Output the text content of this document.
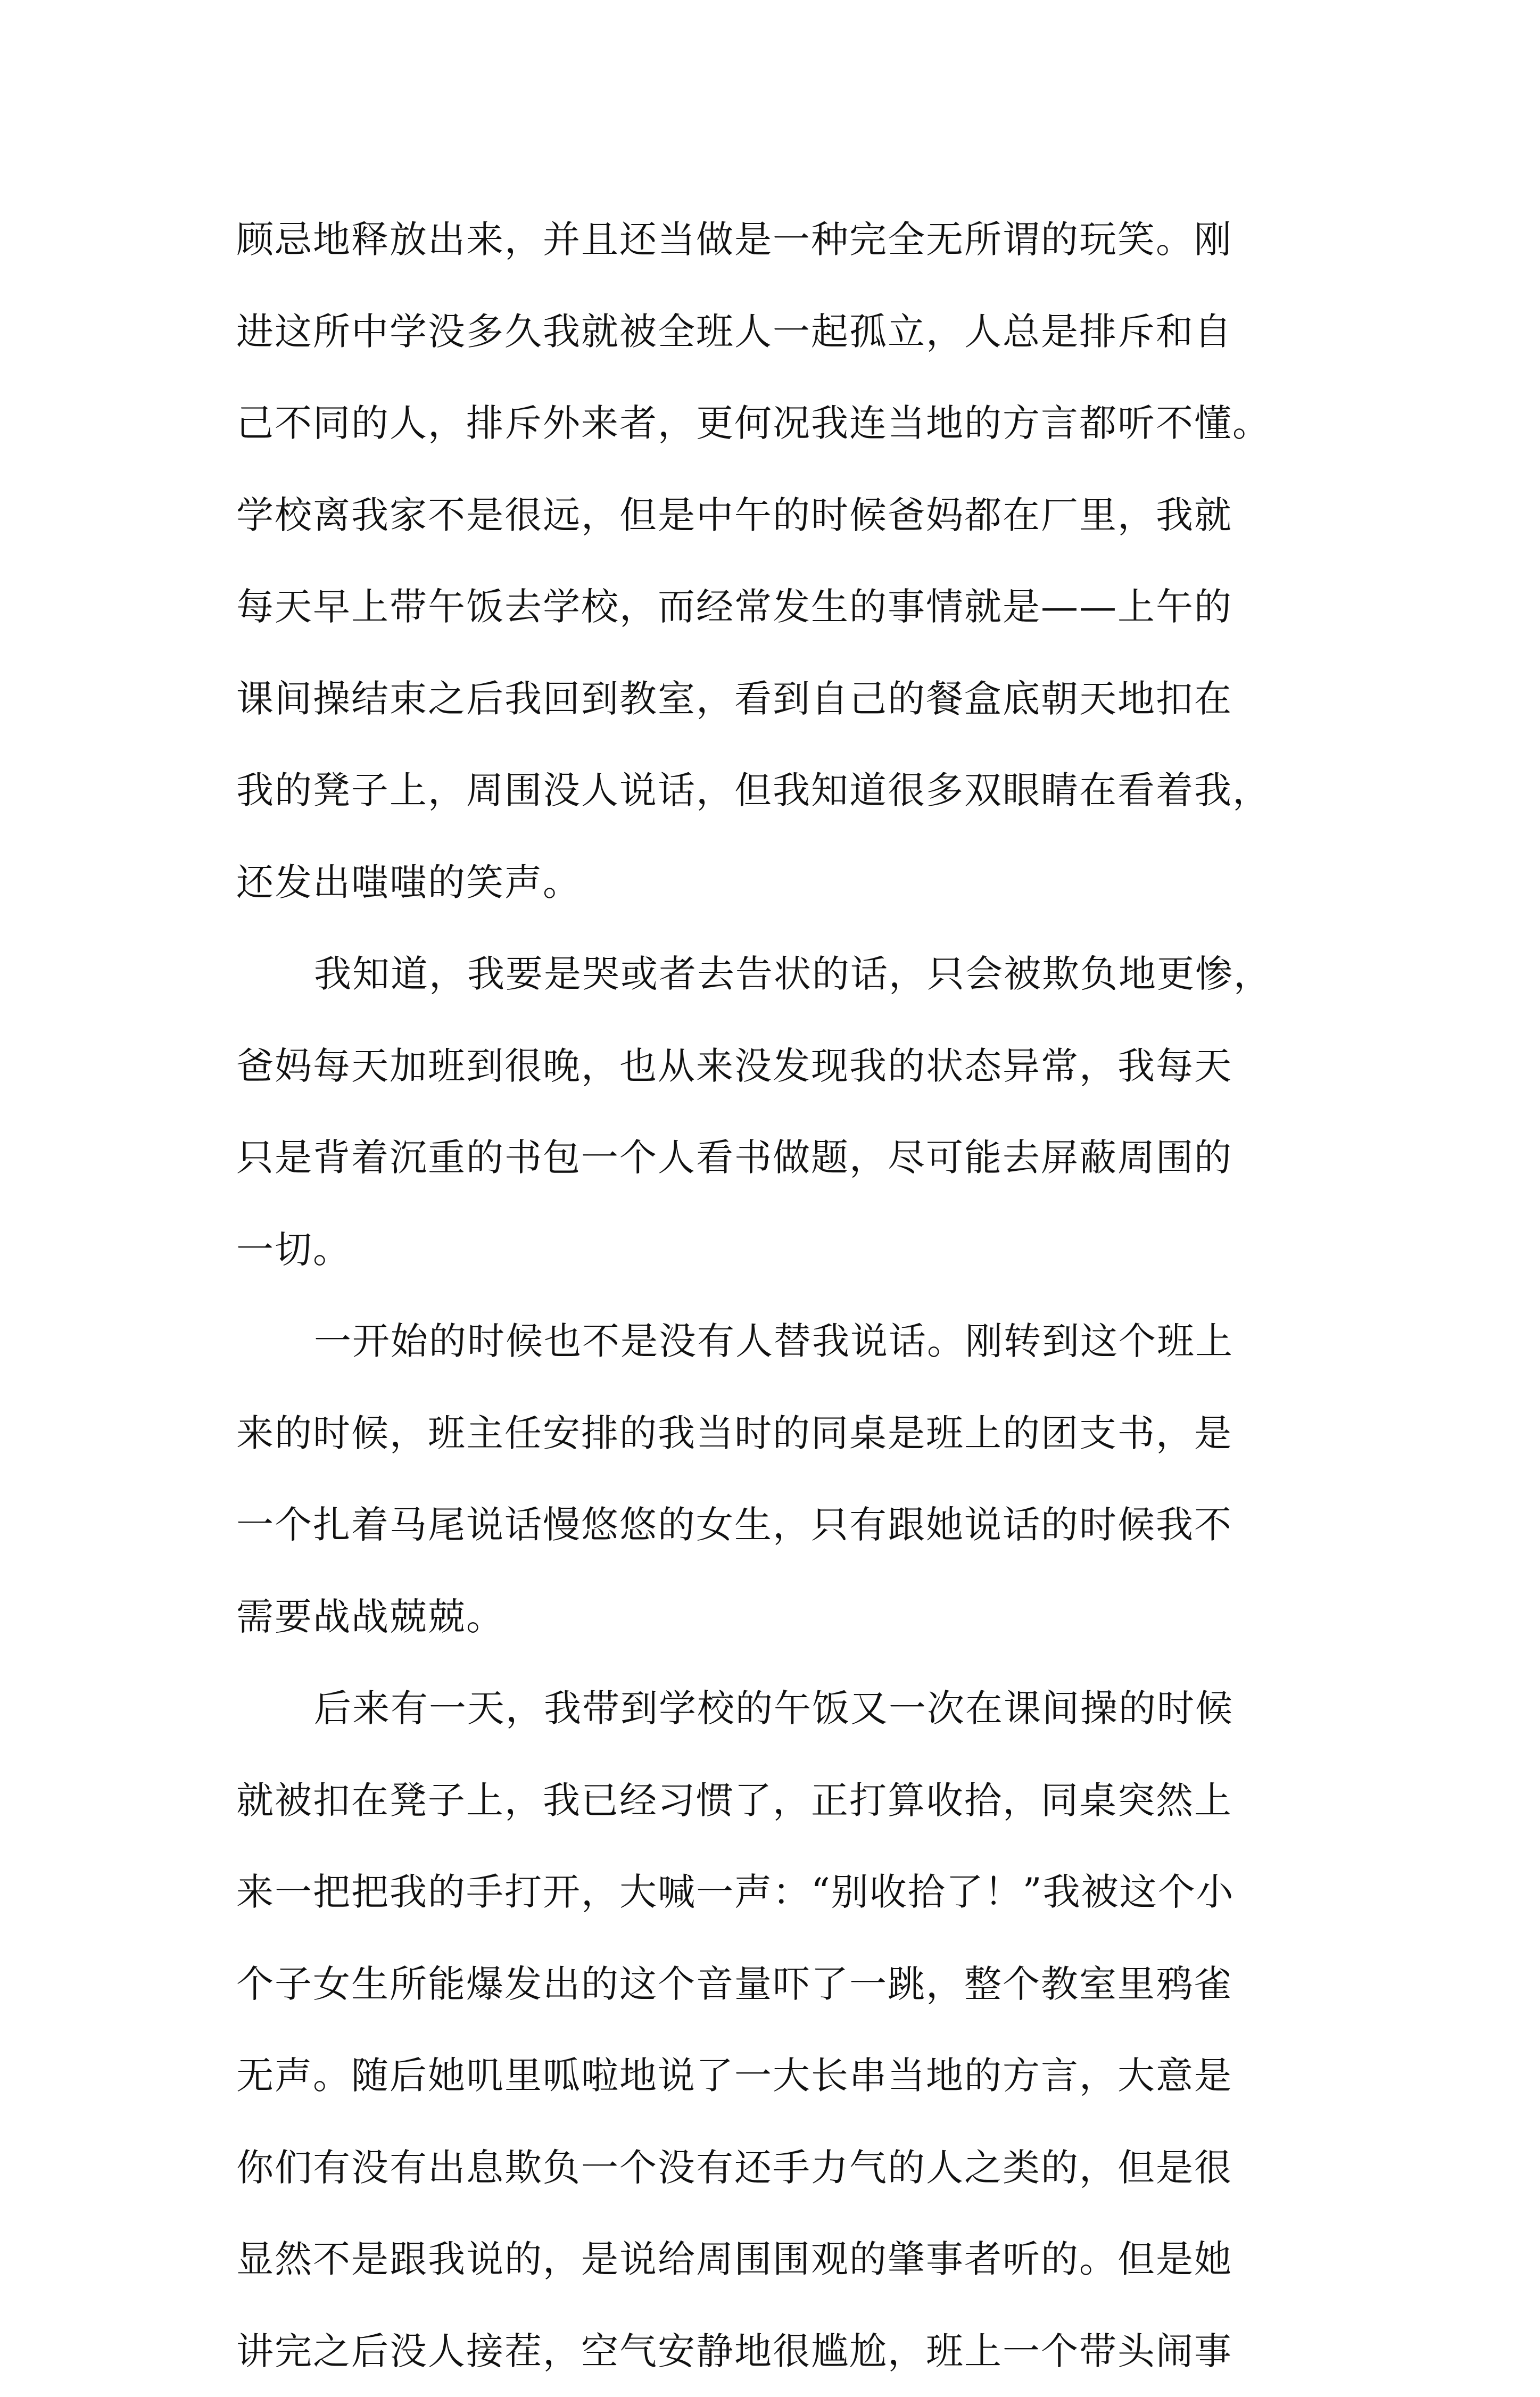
顾忌地释放出来，并且还当做是一种完全无所谓的玩笑。刚
进这所中学没多久我就被全班人一起孤立，人总是排斥和自
己不同的人，排斥外来者，更何况我连当地的方言都听不懂。
学校离我家不是很远，但是中午的时候爸妈都在厂里，我就
每天早上带午饭去学校，而经常发生的事情就是——上午的
课间操结束之后我回到教室，看到自己的餐盒底朝天地扣在
我的凳子上，周围没人说话，但我知道很多双眼睛在看着我，
还发出嗤嗤的笑声。
我知道，我要是哭或者去告状的话，只会被欺负地更惨，
爸妈每天加班到很晚，也从来没发现我的状态异常，我每天
只是背着沉重的书包一个人看书做题，尽可能去屏蔽周围的
一切。
一开始的时候也不是没有人替我说话。刚转到这个班上
来的时候，班主任安排的我当时的同桌是班上的团支书，是
一个扎着马尾说话慢悠悠的女生，只有跟她说话的时候我不
需要战战兢兢。
后来有一天，我带到学校的午饭又一次在课间操的时候
就被扣在凳子上，我已经习惯了，正打算收拾，同桌突然上
来一把把我的手打开，大喊一声：“别收拾了！”我被这个小
个子女生所能爆发出的这个音量吓了一跳，整个教室里鸦雀
无声。随后她叽里呱啦地说了一大长串当地的方言，大意是
你们有没有出息欺负一个没有还手力气的人之类的，但是很
显然不是跟我说的，是说给周围围观的肇事者听的。但是她
讲完之后没人接茬，空气安静地很尴尬，班上一个带头闹事
